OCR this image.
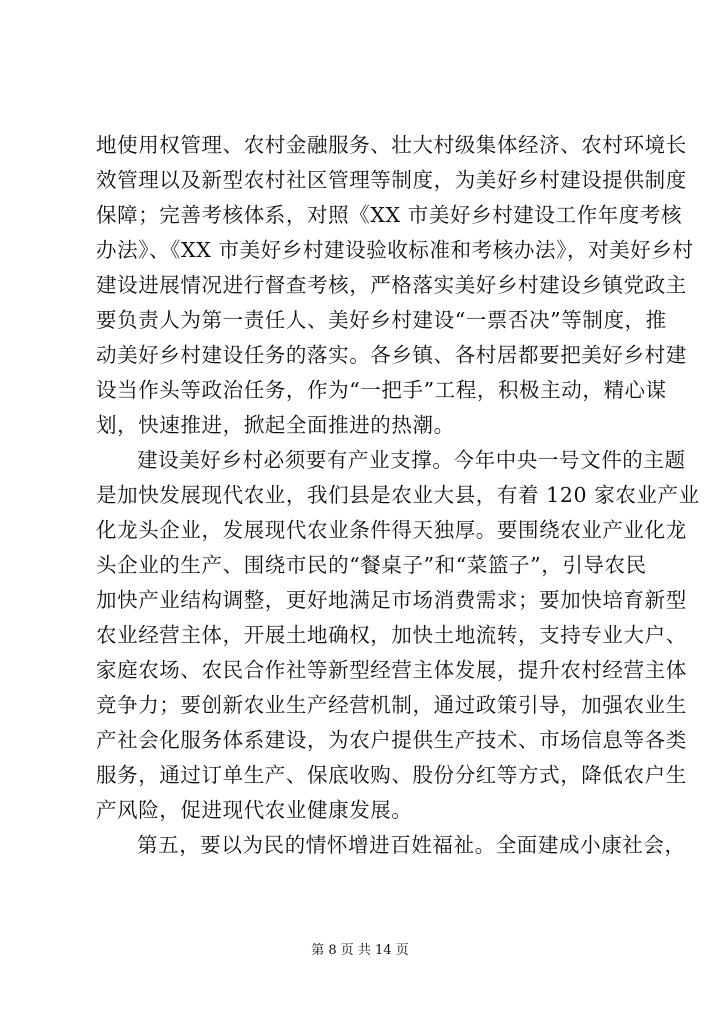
地使用权管理、农村金融服务、壮大村级集体经济、农村环境长
效管理以及新型农村社区管理等制度，为美好乡村建设提供制度
保障；完善考核体系，对照《XX 市美好乡村建设工作年度考核
办法》、《XX 市美好乡村建设验收标准和考核办法》，对美好乡村
建设进展情况进行督查考核，严格落实美好乡村建设乡镇党政主
要负责人为第一责任人、美好乡村建设“一票否决”等制度，推
动美好乡村建设任务的落实。各乡镇、各村居都要把美好乡村建
设当作头等政治任务，作为“一把手”工程，积极主动，精心谋
划，快速推进，掀起全面推进的热潮。
建设美好乡村必须要有产业支撑。今年中央一号文件的主题
是加快发展现代农业，我们县是农业大县，有着 120 家农业产业
化龙头企业，发展现代农业条件得天独厚。要围绕农业产业化龙
头企业的生产、围绕市民的“餐桌子”和“菜篮子”，引导农民
加快产业结构调整，更好地满足市场消费需求；要加快培育新型
农业经营主体，开展土地确权，加快土地流转，支持专业大户、
家庭农场、农民合作社等新型经营主体发展，提升农村经营主体
竞争力；要创新农业生产经营机制，通过政策引导，加强农业生
产社会化服务体系建设，为农户提供生产技术、市场信息等各类
服务，通过订单生产、保底收购、股份分红等方式，降低农户生
产风险，促进现代农业健康发展。
第五，要以为民的情怀增进百姓福祉。全面建成小康社会，
第 8 页 共 14 页
